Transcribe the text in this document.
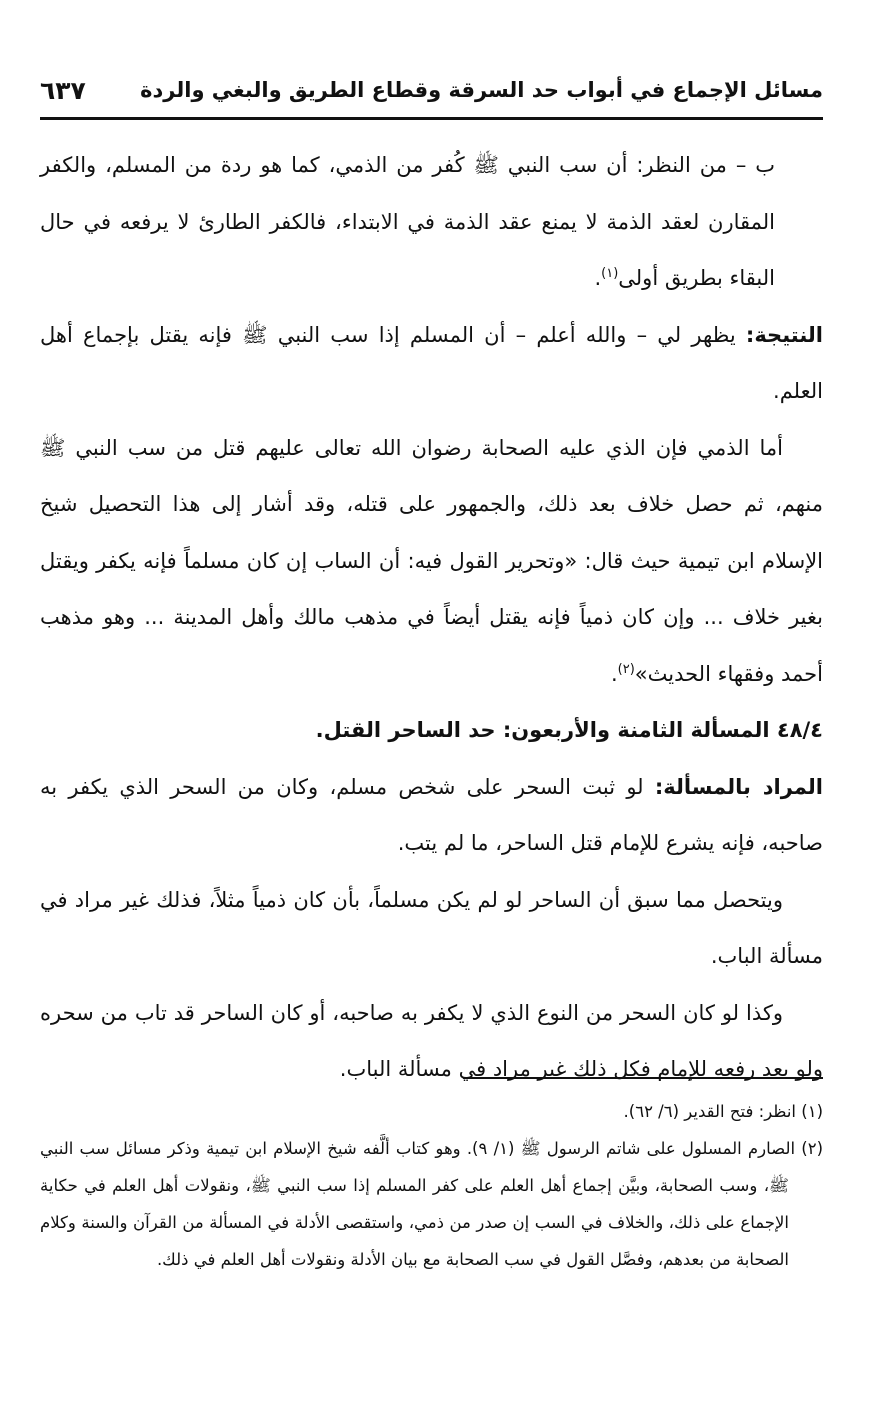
مسائل الإجماع في أبواب حد السرقة وقطاع الطريق والبغي والردة
٦٣٧

ب – من النظر: أن سب النبي ﷺ كُفر من الذمي، كما هو ردة من المسلم، والكفر المقارن لعقد الذمة لا يمنع عقد الذمة في الابتداء، فالكفر الطارئ لا يرفعه في حال البقاء بطريق أولى$^{(١)}$.

النتيجة: يظهر لي – والله أعلم – أن المسلم إذا سب النبي ﷺ فإنه يقتل بإجماع أهل العلم.

أما الذمي فإن الذي عليه الصحابة رضوان الله تعالى عليهم قتل من سب النبي ﷺ منهم، ثم حصل خلاف بعد ذلك، والجمهور على قتله، وقد أشار إلى هذا التحصيل شيخ الإسلام ابن تيمية حيث قال: «وتحرير القول فيه: أن الساب إن كان مسلماً فإنه يكفر ويقتل بغير خلاف ... وإن كان ذمياً فإنه يقتل أيضاً في مذهب مالك وأهل المدينة ... وهو مذهب أحمد وفقهاء الحديث»$^{(٢)}$.

٤٨/٤ المسألة الثامنة والأربعون: حد الساحر القتل.

المراد بالمسألة: لو ثبت السحر على شخص مسلم، وكان من السحر الذي يكفر به صاحبه، فإنه يشرع للإمام قتل الساحر، ما لم يتب.

ويتحصل مما سبق أن الساحر لو لم يكن مسلماً، بأن كان ذمياً مثلاً، فذلك غير مراد في مسألة الباب.

وكذا لو كان السحر من النوع الذي لا يكفر به صاحبه، أو كان الساحر قد تاب من سحره ولو بعد رفعه للإمام فكل ذلك غير مراد في مسألة الباب.

(١) انظر: فتح القدير (٦/ ٦٢).

(٢) الصارم المسلول على شاتم الرسول ﷺ (١/ ٩). وهو كتاب ألَّفه شيخ الإسلام ابن تيمية وذكر مسائل سب النبي ﷺ، وسب الصحابة، وبيَّن إجماع أهل العلم على كفر المسلم إذا سب النبي ﷺ، ونقولات أهل العلم في حكاية الإجماع على ذلك، والخلاف في السب إن صدر من ذمي، واستقصى الأدلة في المسألة من القرآن والسنة وكلام الصحابة من بعدهم، وفصَّل القول في سب الصحابة مع بيان الأدلة ونقولات أهل العلم في ذلك.
